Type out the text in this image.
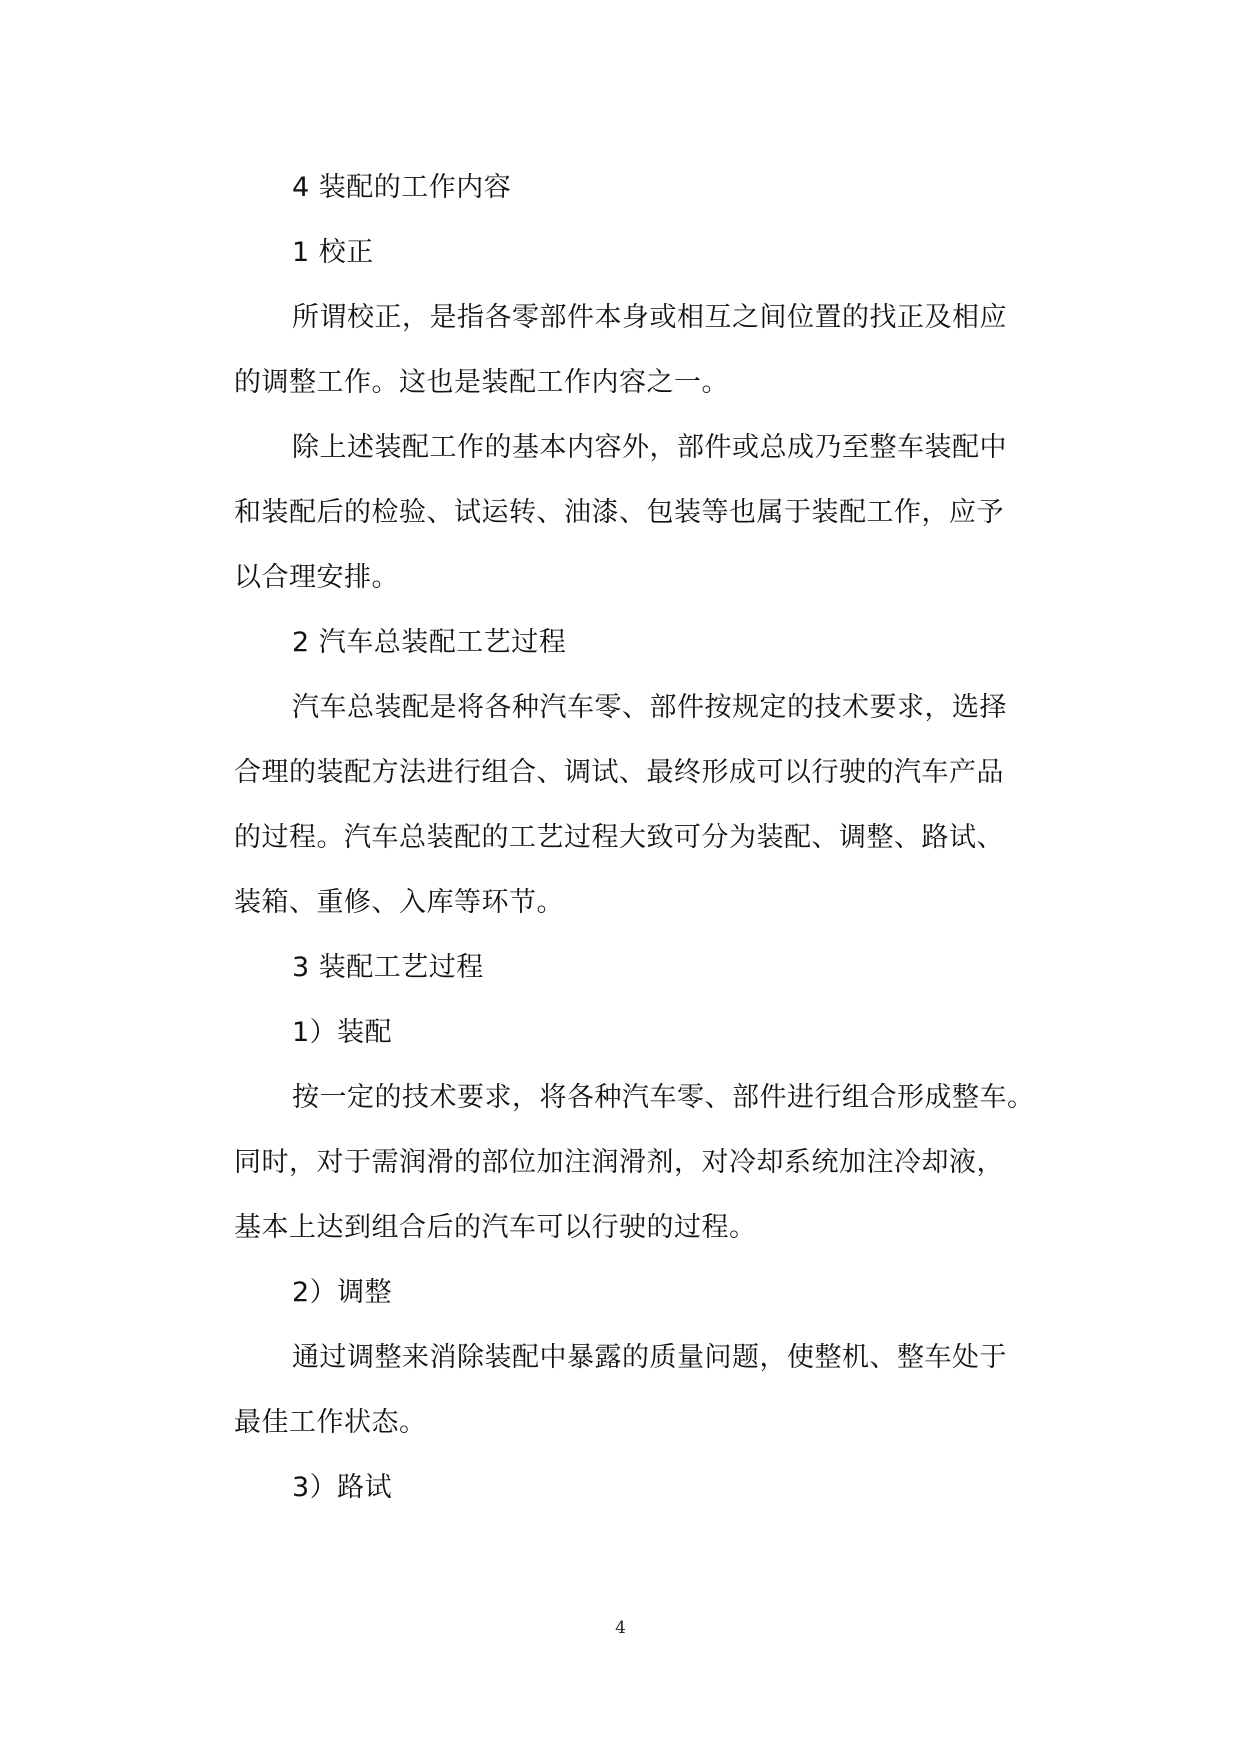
4 装配的工作内容
1 校正
所谓校正，是指各零部件本身或相互之间位置的找正及相应
的调整工作。这也是装配工作内容之一。
除上述装配工作的基本内容外，部件或总成乃至整车装配中
和装配后的检验、试运转、油漆、包装等也属于装配工作，应予
以合理安排。
2 汽车总装配工艺过程
汽车总装配是将各种汽车零、部件按规定的技术要求，选择
合理的装配方法进行组合、调试、最终形成可以行驶的汽车产品
的过程。汽车总装配的工艺过程大致可分为装配、调整、路试、
装箱、重修、入库等环节。
3 装配工艺过程
1）装配
按一定的技术要求，将各种汽车零、部件进行组合形成整车。
同时，对于需润滑的部位加注润滑剂，对冷却系统加注冷却液，
基本上达到组合后的汽车可以行驶的过程。
2）调整
通过调整来消除装配中暴露的质量问题，使整机、整车处于
最佳工作状态。
3）路试
4
